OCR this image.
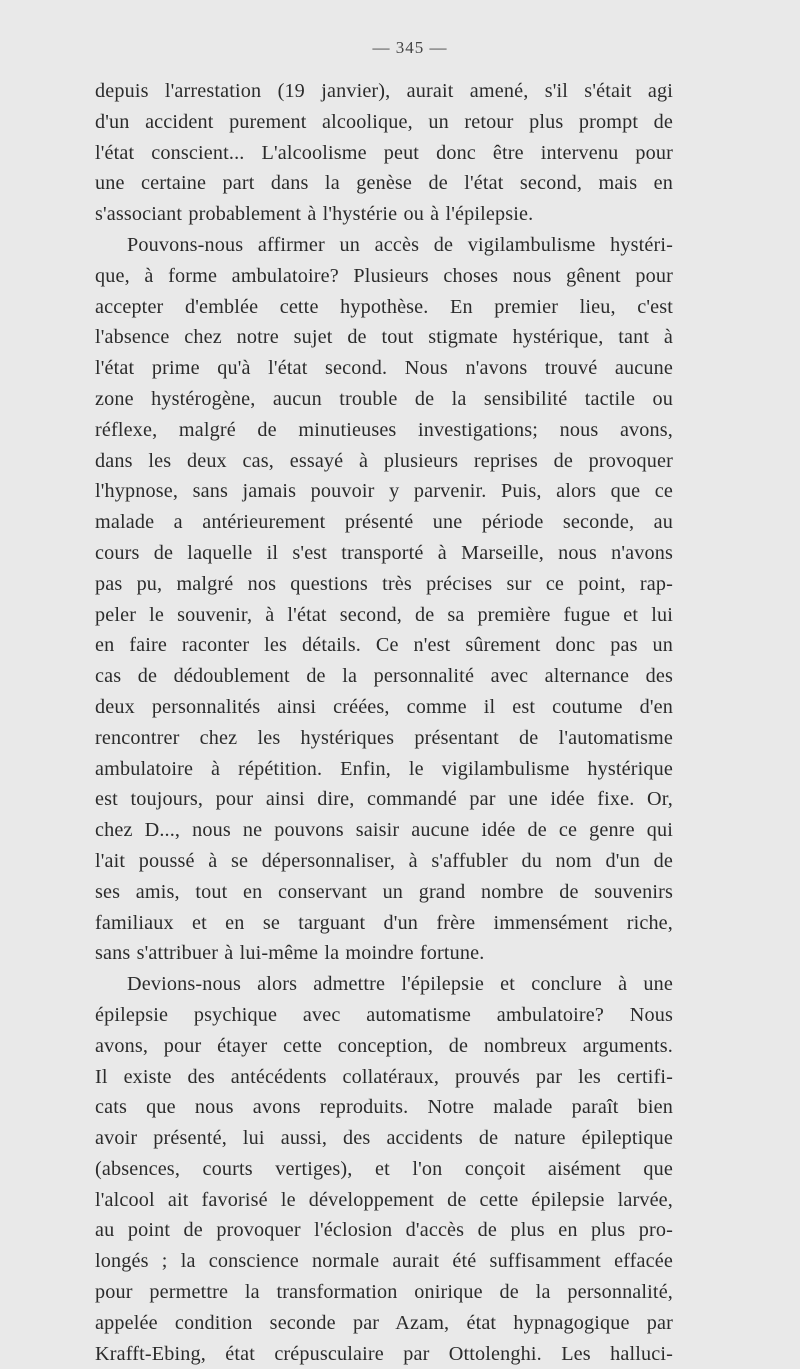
— 345 —
depuis l'arrestation (19 janvier), aurait amené, s'il s'était agi
d'un accident purement alcoolique, un retour plus prompt de
l'état conscient... L'alcoolisme peut donc être intervenu pour
une certaine part dans la genèse de l'état second, mais en
s'associant probablement à l'hystérie ou à l'épilepsie.
Pouvons-nous affirmer un accès de vigilambulisme hystéri-
que, à forme ambulatoire? Plusieurs choses nous gênent pour
accepter d'emblée cette hypothèse. En premier lieu, c'est
l'absence chez notre sujet de tout stigmate hystérique, tant à
l'état prime qu'à l'état second. Nous n'avons trouvé aucune
zone hystérogène, aucun trouble de la sensibilité tactile ou
réflexe, malgré de minutieuses investigations; nous avons,
dans les deux cas, essayé à plusieurs reprises de provoquer
l'hypnose, sans jamais pouvoir y parvenir. Puis, alors que ce
malade a antérieurement présenté une période seconde, au
cours de laquelle il s'est transporté à Marseille, nous n'avons
pas pu, malgré nos questions très précises sur ce point, rap-
peler le souvenir, à l'état second, de sa première fugue et lui
en faire raconter les détails. Ce n'est sûrement donc pas un
cas de dédoublement de la personnalité avec alternance des
deux personnalités ainsi créées, comme il est coutume d'en
rencontrer chez les hystériques présentant de l'automatisme
ambulatoire à répétition. Enfin, le vigilambulisme hystérique
est toujours, pour ainsi dire, commandé par une idée fixe. Or,
chez D..., nous ne pouvons saisir aucune idée de ce genre qui
l'ait poussé à se dépersonnaliser, à s'affubler du nom d'un de
ses amis, tout en conservant un grand nombre de souvenirs
familiaux et en se targuant d'un frère immensément riche,
sans s'attribuer à lui-même la moindre fortune.
Devions-nous alors admettre l'épilepsie et conclure à une
épilepsie psychique avec automatisme ambulatoire? Nous
avons, pour étayer cette conception, de nombreux arguments.
Il existe des antécédents collatéraux, prouvés par les certifi-
cats que nous avons reproduits. Notre malade paraît bien
avoir présenté, lui aussi, des accidents de nature épileptique
(absences, courts vertiges), et l'on conçoit aisément que
l'alcool ait favorisé le développement de cette épilepsie larvée,
au point de provoquer l'éclosion d'accès de plus en plus pro-
longés ; la conscience normale aurait été suffisamment effacée
pour permettre la transformation onirique de la personnalité,
appelée condition seconde par Azam, état hypnagogique par
Krafft-Ebing, état crépusculaire par Ottolenghi. Les halluci-
